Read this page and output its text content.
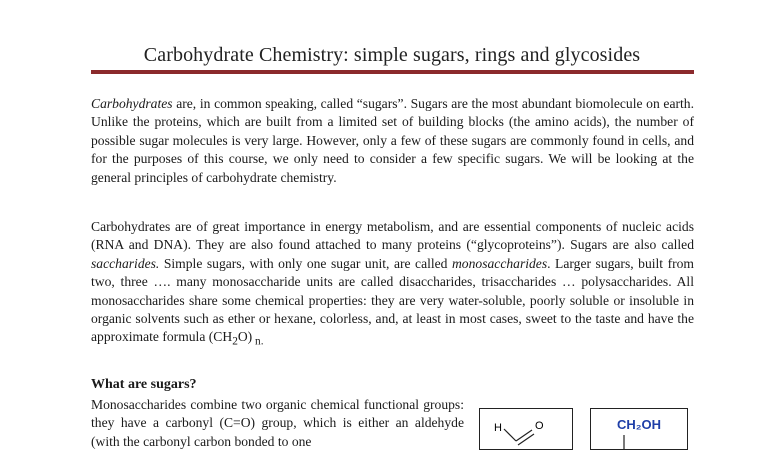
Carbohydrate Chemistry: simple sugars, rings and glycosides

Carbohydrates are, in common speaking, called “sugars”. Sugars are the most abundant biomolecule on earth. Unlike the proteins, which are built from a limited set of building blocks (the amino acids), the number of possible sugar molecules is very large. However, only a few of these sugars are commonly found in cells, and for the purposes of this course, we only need to consider a few specific sugars. We will be looking at the general principles of carbohydrate chemistry.

Carbohydrates are of great importance in energy metabolism, and are essential components of nucleic acids (RNA and DNA). They are also found attached to many proteins (“glycoproteins”). Sugars are also called saccharides. Simple sugars, with only one sugar unit, are called monosaccharides. Larger sugars, built from two, three …. many monosaccharide units are called disaccharides, trisaccharides … polysaccharides. All monosaccharides share some chemical properties: they are very water-soluble, poorly soluble or insoluble in organic solvents such as ether or hexane, colorless, and, at least in most cases, sweet to the taste and have the approximate formula $(CH_2O)$ $_{n.}$

What are sugars?

Monosaccharides combine two organic chemical functional groups: they have a carbonyl (C=O) group, which is either an aldehyde (with the carbonyl carbon bonded to one

H	O	CH₂OH
